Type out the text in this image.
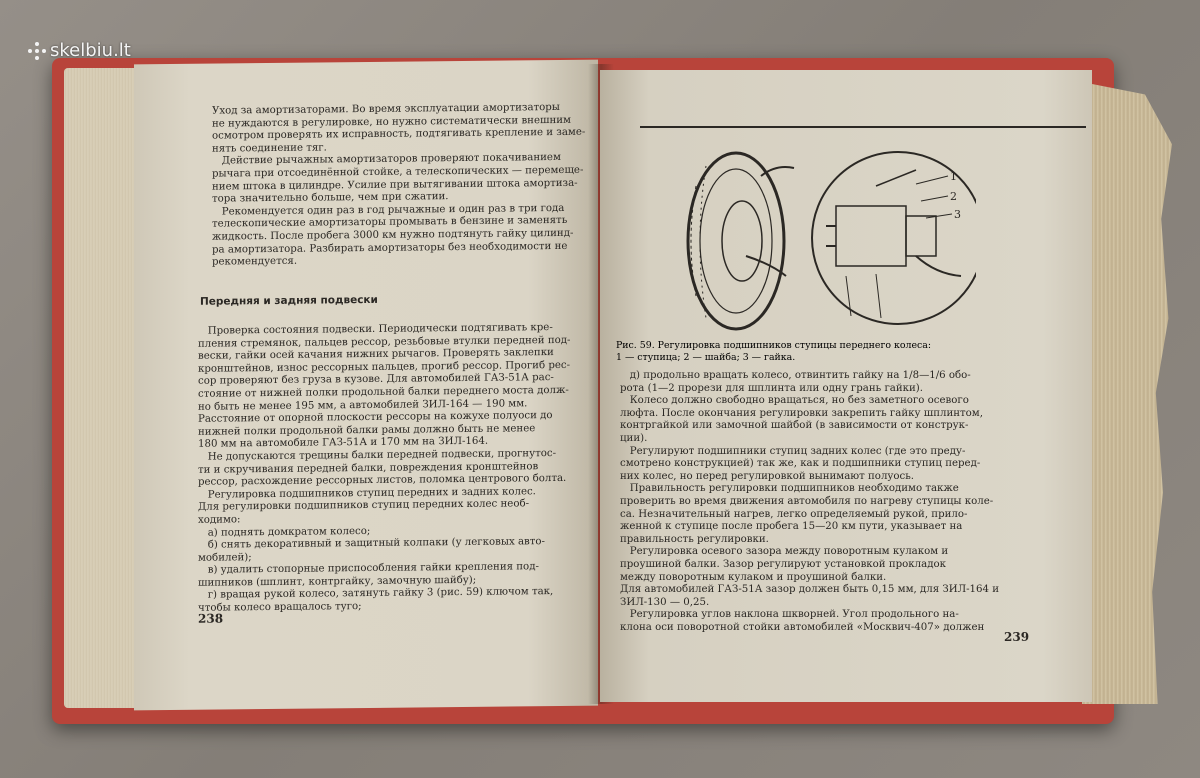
Уход за амортизаторами. Во время эксплуатации амортизаторы
не нуждаются в регулировке, но нужно систематически внешним
осмотром проверять их исправность, подтягивать крепление и заме-
нять соединение тяг.
Действие рычажных амортизаторов проверяют покачиванием
рычага при отсоединённой стойке, а телескопических — перемеще-
нием штока в цилиндре. Усилие при вытягивании штока амортиза-
тора значительно больше, чем при сжатии.
Рекомендуется один раз в год рычажные и один раз в три года
телескопические амортизаторы промывать в бензине и заменять
жидкость. После пробега 3000 км нужно подтянуть гайку цилинд-
ра амортизатора. Разбирать амортизаторы без необходимости не
рекомендуется.
Передняя и задняя подвески
Проверка состояния подвески. Периодически подтягивать кре-
пления стремянок, пальцев рессор, резьбовые втулки передней под-
вески, гайки осей качания нижних рычагов. Проверять заклепки
кронштейнов, износ рессорных пальцев, прогиб рессор. Прогиб рес-
сор проверяют без груза в кузове. Для автомобилей ГАЗ-51А рас-
стояние от нижней полки продольной балки переднего моста долж-
но быть не менее 195 мм, а автомобилей ЗИЛ-164 — 190 мм.
Расстояние от опорной плоскости рессоры на кожухе полуоси до
нижней полки продольной балки рамы должно быть не менее
180 мм на автомобиле ГАЗ-51А и 170 мм на ЗИЛ-164.
Не допускаются трещины балки передней подвески, прогнутос-
ти и скручивания передней балки, повреждения кронштейнов
рессор, расхождение рессорных листов, поломка центрового болта.
Регулировка подшипников ступиц передних и задних колес.
Для регулировки подшипников ступиц передних колес необ-
ходимо:
а) поднять домкратом колесо;
б) снять декоративный и защитный колпаки (у легковых авто-
мобилей);
в) удалить стопорные приспособления гайки крепления под-
шипников (шплинт, контргайку, замочную шайбу);
г) вращая рукой колесо, затянуть гайку 3 (рис. 59) ключом так,
чтобы колесо вращалось туго;
238
д) продольно вращать колесо, отвинтить гайку на 1/8—1/6 обо-
рота (1—2 прорези для шплинта или одну грань гайки).
Колесо должно свободно вращаться, но без заметного осевого
люфта. После окончания регулировки закрепить гайку шплинтом,
контргайкой или замочной шайбой (в зависимости от конструк-
ции).
Регулируют подшипники ступиц задних колес (где это преду-
смотрено конструкцией) так же, как и подшипники ступиц перед-
них колес, но перед регулировкой вынимают полуось.
Правильность регулировки подшипников необходимо также
проверить во время движения автомобиля по нагреву ступицы коле-
са. Незначительный нагрев, легко определяемый рукой, прило-
женной к ступице после пробега 15—20 км пути, указывает на
правильность регулировки.
Регулировка осевого зазора между поворотным кулаком и
проушиной балки. Зазор регулируют установкой прокладок
между поворотным кулаком и проушиной балки.
Для автомобилей ГАЗ-51А зазор должен быть 0,15 мм, для ЗИЛ-164 и
ЗИЛ-130 — 0,25.
Регулировка углов наклона шкворней. Угол продольного на-
клона оси поворотной стойки автомобилей «Москвич-407» должен
239
1
2
3
Рис. 59. Регулировка подшипников ступицы переднего колеса:
1 — ступица; 2 — шайба; 3 — гайка.
skelbiu.lt
